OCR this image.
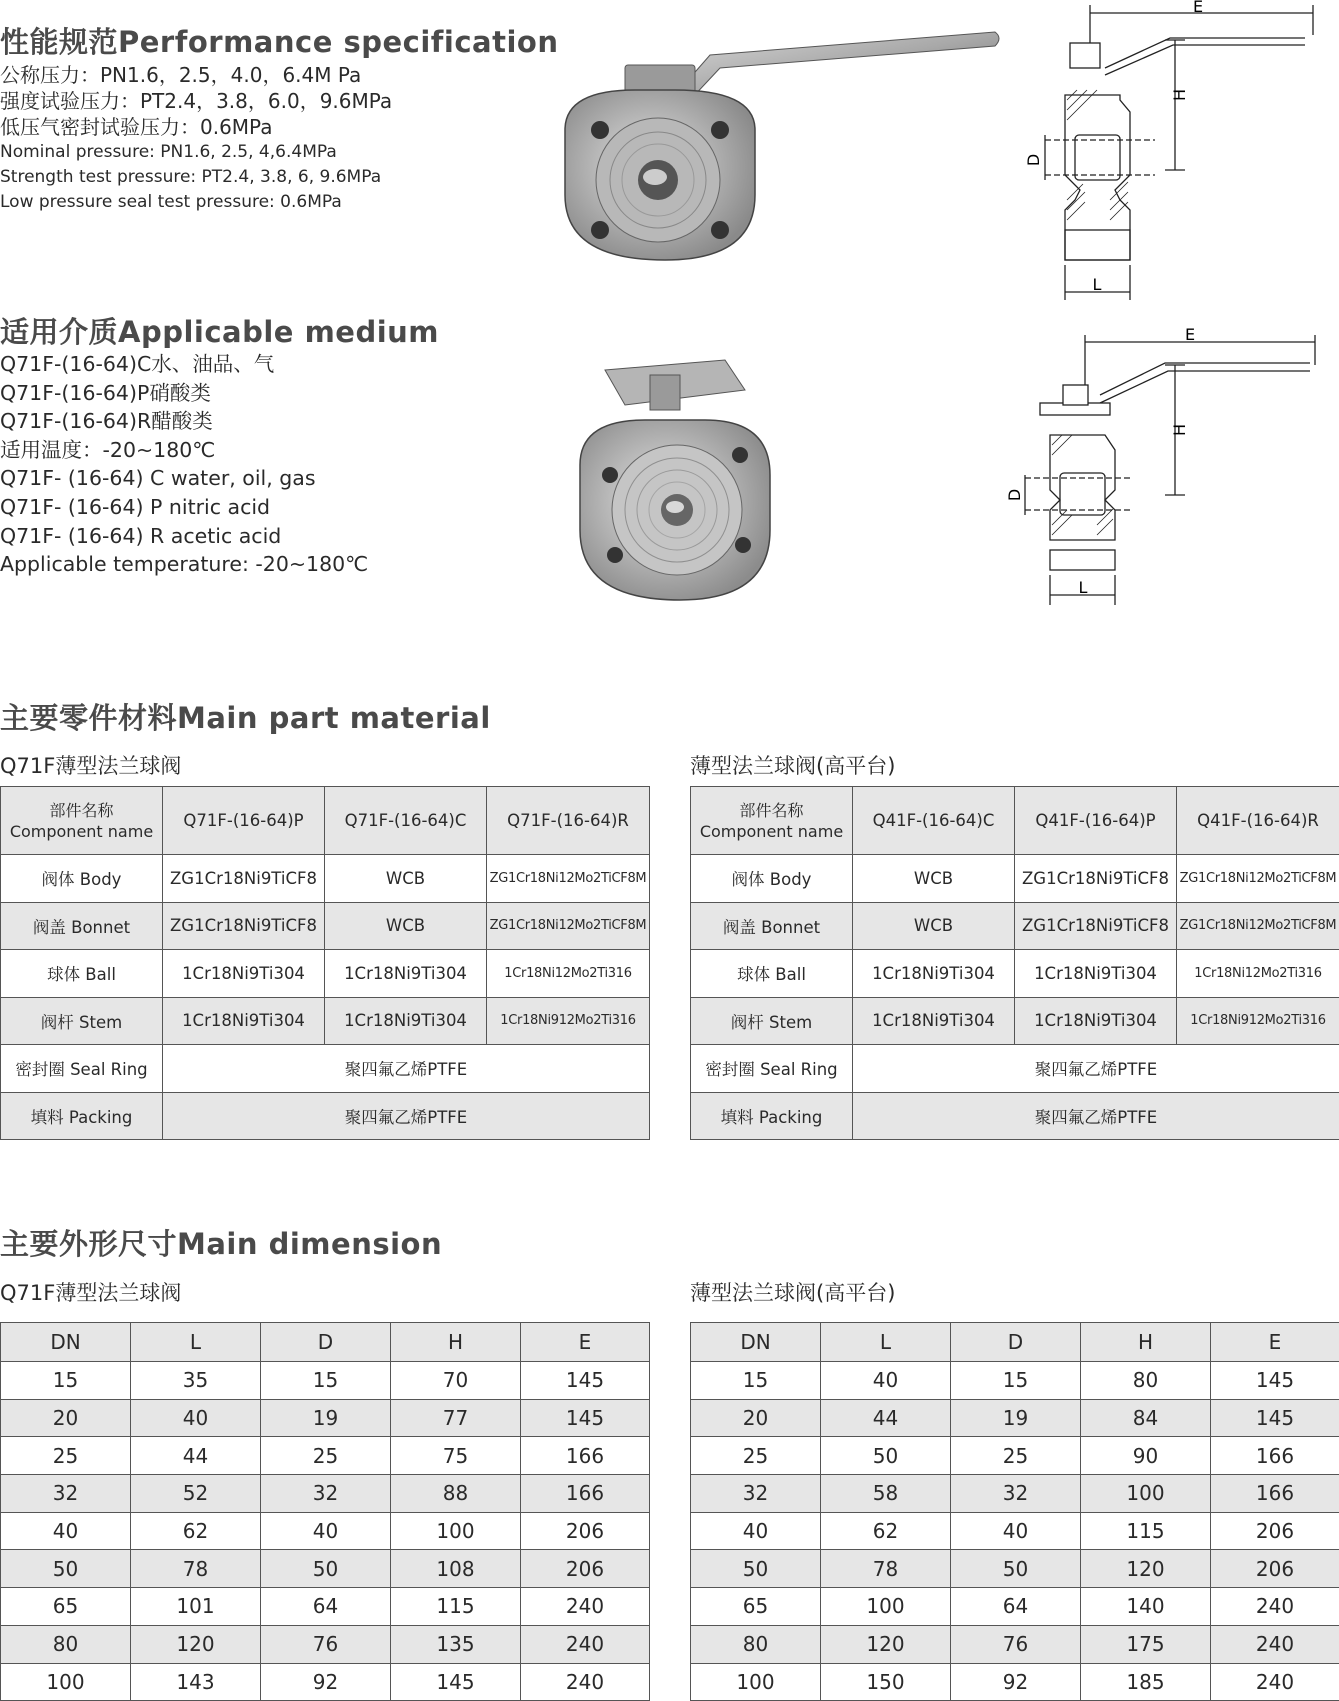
性能规范Performance specification
公称压力：PN1.6，2.5，4.0，6.4M Pa
强度试验压力：PT2.4，3.8，6.0，9.6MPa
低压气密封试验压力：0.6MPa
Nominal pressure: PN1.6, 2.5, 4,6.4MPa
Strength test pressure: PT2.4, 3.8, 6, 9.6MPa
Low pressure seal test pressure: 0.6MPa
适用介质Applicable medium
Q71F-(16-64)C水、油品、气
Q71F-(16-64)P硝酸类
Q71F-(16-64)R醋酸类
适用温度：-20~180℃
Q71F- (16-64) C water, oil, gas
Q71F- (16-64) P nitric acid
Q71F- (16-64) R acetic acid
Applicable temperature: -20~180℃
E
H
D
L
E
H
D
L
主要零件材料Main part material
Q71F薄型法兰球阀	薄型法兰球阀(高平台)
部件名称
Component name	Q71F-(16-64)P	Q71F-(16-64)C	Q71F-(16-64)R
阀体 Body	ZG1Cr18Ni9TiCF8	WCB	ZG1Cr18Ni12Mo2TiCF8M
阀盖 Bonnet	ZG1Cr18Ni9TiCF8	WCB	ZG1Cr18Ni12Mo2TiCF8M
球体 Ball	1Cr18Ni9Ti304	1Cr18Ni9Ti304	1Cr18Ni12Mo2Ti316
阀杆 Stem	1Cr18Ni9Ti304	1Cr18Ni9Ti304	1Cr18Ni912Mo2Ti316
密封圈 Seal Ring	聚四氟乙烯PTFE		
填料 Packing	聚四氟乙烯PTFE		
部件名称
Component name	Q41F-(16-64)C	Q41F-(16-64)P	Q41F-(16-64)R
阀体 Body	WCB	ZG1Cr18Ni9TiCF8	ZG1Cr18Ni12Mo2TiCF8M
阀盖 Bonnet	WCB	ZG1Cr18Ni9TiCF8	ZG1Cr18Ni12Mo2TiCF8M
球体 Ball	1Cr18Ni9Ti304	1Cr18Ni9Ti304	1Cr18Ni12Mo2Ti316
阀杆 Stem	1Cr18Ni9Ti304	1Cr18Ni9Ti304	1Cr18Ni912Mo2Ti316
密封圈 Seal Ring	聚四氟乙烯PTFE		
填料 Packing	聚四氟乙烯PTFE		
主要外形尺寸Main dimension
Q71F薄型法兰球阀	薄型法兰球阀(高平台)
DN	L	D	H	E
15	35	15	70	145
20	40	19	77	145
25	44	25	75	166
32	52	32	88	166
40	62	40	100	206
50	78	50	108	206
65	101	64	115	240
80	120	76	135	240
100	143	92	145	240
DN	L	D	H	E
15	40	15	80	145
20	44	19	84	145
25	50	25	90	166
32	58	32	100	166
40	62	40	115	206
50	78	50	120	206
65	100	64	140	240
80	120	76	175	240
100	150	92	185	240
